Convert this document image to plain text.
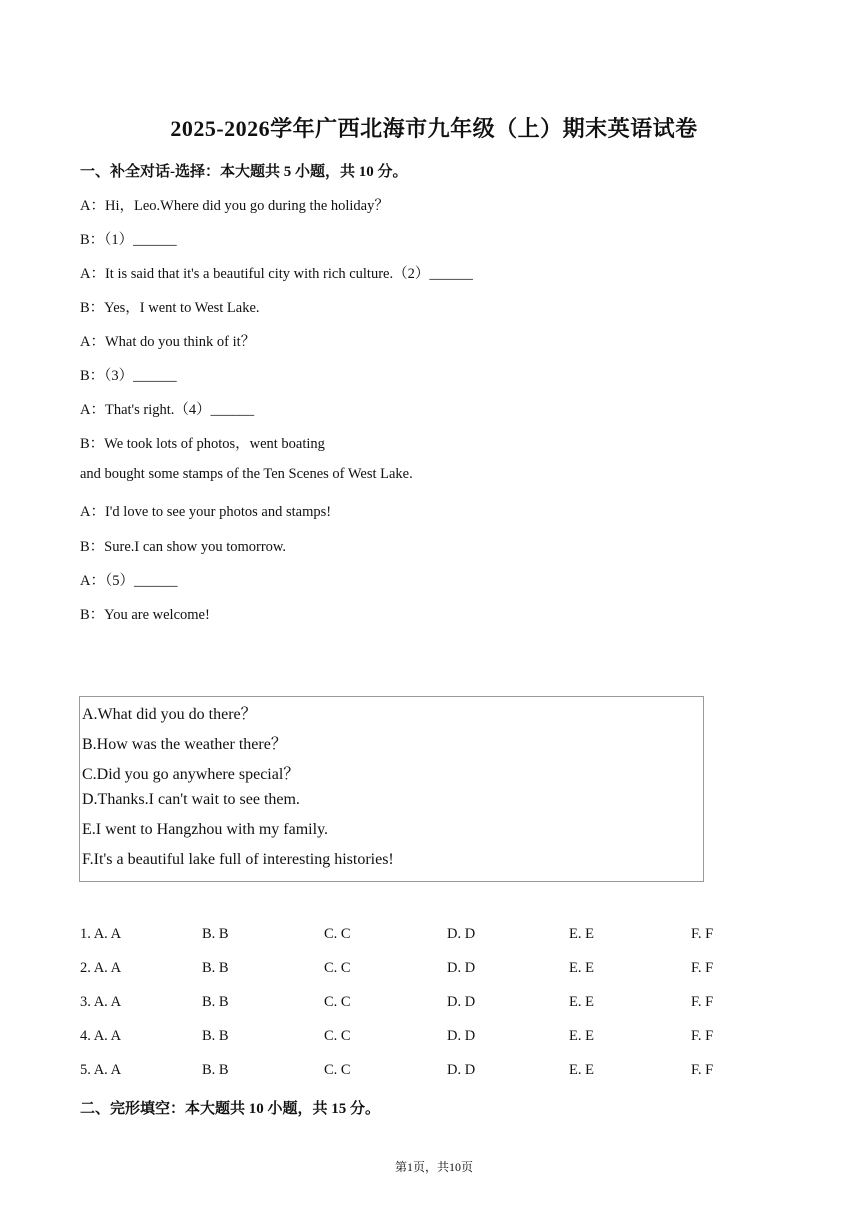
2025-2026学年广西北海市九年级（上）期末英语试卷
一、补全对话-选择：本大题共 5 小题，共 10 分。
A：Hi，Leo.Where did you go during the holiday？
B：（1）______
A：It is said that it's a beautiful city with rich culture.（2）______
B：Yes，I went to West Lake.
A：What do you think of it？
B：（3）______
A：That's right.（4）______
B：We took lots of photos，went boating
and bought some stamps of the Ten Scenes of West Lake.
A：I'd love to see your photos and stamps!
B：Sure.I can show you tomorrow.
A：（5）______
B：You are welcome!
A.What did you do there？
B.How was the weather there？
C.Did you go anywhere special？
D.Thanks.I can't wait to see them.
E.I went to Hangzhou with my family.
F.It's a beautiful lake full of interesting histories!
1. A. A	B. B	C. C	D. D	E. E	F. F
2. A. A	B. B	C. C	D. D	E. E	F. F
3. A. A	B. B	C. C	D. D	E. E	F. F
4. A. A	B. B	C. C	D. D	E. E	F. F
5. A. A	B. B	C. C	D. D	E. E	F. F
二、完形填空：本大题共 10 小题，共 15 分。
第1页，共10页
